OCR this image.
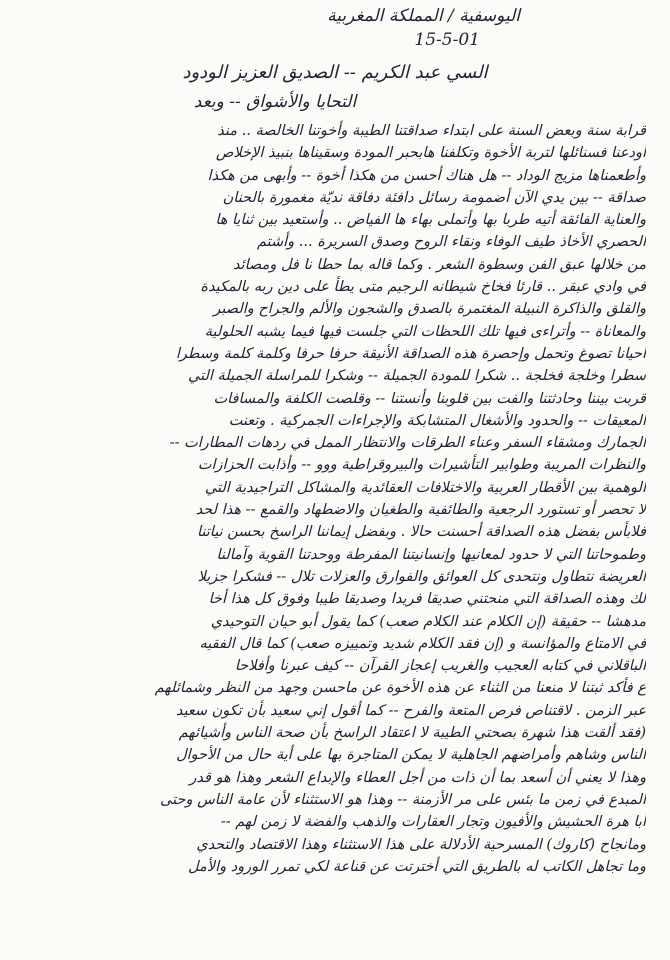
اليوسفية / المملكة المغربية
15-5-01
السي عبد الكريم -- الصديق العزيز الودود
التحايا والأشواق -- وبعد
قرابة سنة وبعض السنة على ابتداء صداقتنا الطيبة وأخوتنا الخالصة .. منذ
أودعنا فسنائلها لتربة الأخوة وتكلفنا هابحبر المودة وسقيناها بنبيذ الإخلاص
وأطعمناها مزيج الوداد -- هل هناك أحسن من هكذا أخوة -- وأبهى من هكذا
صداقة -- بين يدي الآن أضمومة رسائل دافئة دفاقة نديّة مغمورة بالحنان
والعناية الفائقة أتيه طربا بها وأتملى بهاء ها الفياض .. وأستعيد بين ثنايا ها
الحصري الأخاذ طيف الوفاء ونقاء الروح وصدق السريرة ... وأشتم
من خلالها عبق الفن وسطوة الشعر . وكما قاله بما حطا نا فل ومصائد
في وادي عبقر .. قارئا فخاخ شيطانه الرجيم متى يطأ على دين ربه بالمكيدة
والقلق والذاكرة النبيلة المغتمرة بالصدق والشجون والألم والجراح والصبر
والمعاناة -- وأتراءى فيها تلك اللحظات التي جلست فيها فيما يشبه الحلولية
أحيانا تصوغ وتحمل وإحصرة هذه الصداقة الأنيقة حرفا حرفا وكلمة كلمة وسطرا
سطرا وخلجة فخلجة .. شكرا للمودة الجميلة -- وشكرا للمراسلة الجميلة التي
قربت بيننا وحادثتنا والفت بين قلوبنا وأنستنا -- وقلصت الكلفة والمسافات
المعيقات -- والحدود والأشغال المتشابكة والإجراءات الجمركية . وتعنت
الجمارك ومشقاء السفر وعناء الطرقات والانتظار الممل في ردهات المطارات --
والنظرات المريبة وطوابير التأشيرات والبيروقراطية ووو -- وأذابت الحزازات
الوهمية بين الأقطار العربية والاختلافات العقائدية والمشاكل التراجيدية التي
لا تحصر أو تستورد الرجعية والطائفية والطغيان والاضطهاد والقمع -- هذا لحد
فلابأس بفضل هذه الصداقة أحسنت حالا . وبفضل إيماننا الراسخ بحسن نياتنا
وطموحاتنا التي لا حدود لمعانيها وإنسانيتنا المفرطة ووحدتنا القوية وآمالنا
العريضة نتطاول ونتحدى كل العوائق والفوارق والعزلات تلال -- فشكرا جزيلا
لك وهذه الصداقة التي منحتني صديقا فريدا وصديقا طيبا وفوق كل هذا أخا
مدهشا -- حقيقة (إن الكلام عند الكلام صعب) كما يقول أبو حيان التوحيدي
في الامتاع والمؤانسة و (إن فقد الكلام شديد وتمييزه صعب) كما قال الفقيه
الباقلاني في كتابه العجيب والغريب إعجاز القرآن -- كيف عبرنا وأفلاحا
ع فأكد ثبتنا لا منعنا من الثناء عن هذه الأخوة عن ماحسن وجهد من النظر وشمائلهم
عبر الزمن . لاقتناص فرص المتعة والفرح -- كما أقول إني سعيد بأن تكون سعيد
(فقد ألقت هذا شهرة بصحتي الطيبة لا اعتقاد الراسخ بأن صحة الناس وأشيائهم
الناس وشاهم وأمراضهم الجاهلية لا يمكن المتاجرة بها على أية حال من الأحوال
وهذا لا يعني أن أسعد بما أن ذات من أجل العطاء والإبداع الشعر وهذا هو قدر
المبدع في زمن ما بئس على مر الأزمنة -- وهذا هو الاستثناء لأن عامة الناس وحتى
أبا هرة الحشيش والأفيون وتجار العقارات والذهب والفضة لا زمن لهم --
ومانجاح (كاروك) المسرحية الأدلالة على هذا الاستثناء وهذا الاقتصاد والتحدي
وما تجاهل الكاتب له بالطريق التي أخترتت عن قناعة لكي تمرر الورود والأمل
